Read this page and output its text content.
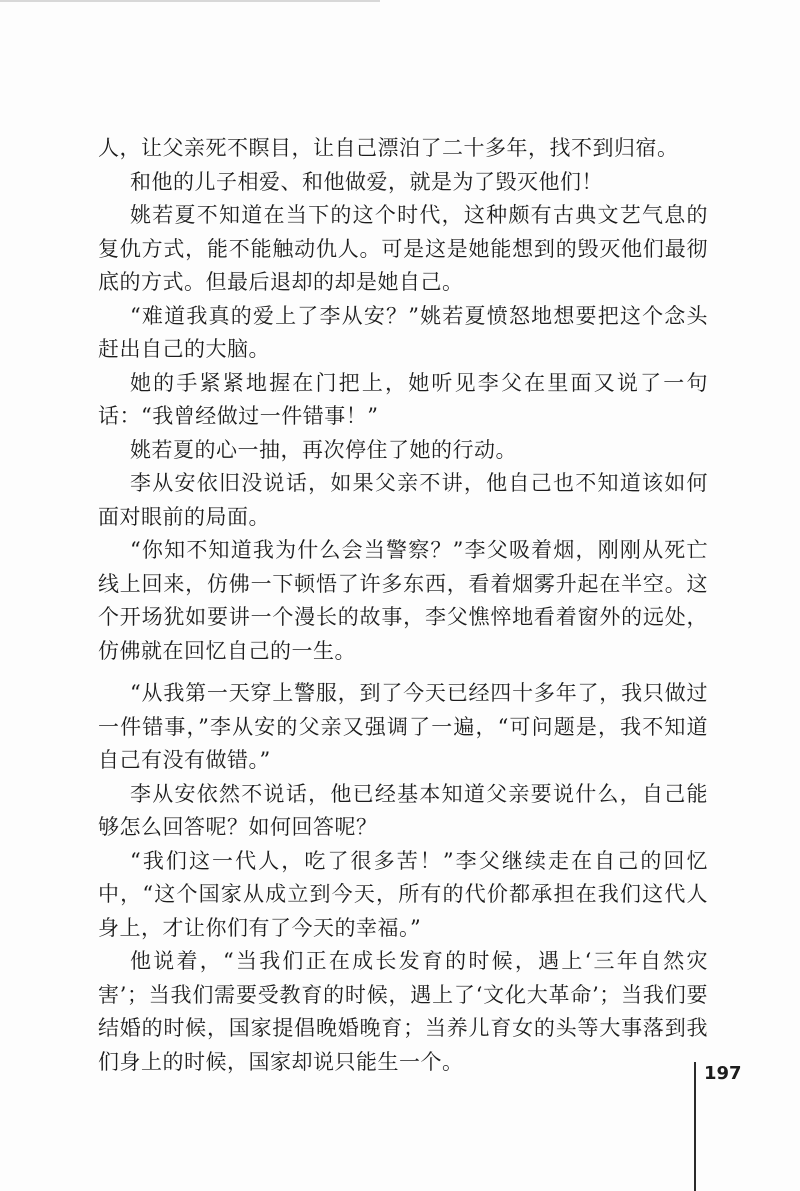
人，让父亲死不瞑目，让自己漂泊了二十多年，找不到归宿。

和他的儿子相爱、和他做爱，就是为了毁灭他们！

姚若夏不知道在当下的这个时代，这种颇有古典文艺气息的复仇方式，能不能触动仇人。可是这是她能想到的毁灭他们最彻底的方式。但最后退却的却是她自己。

“难道我真的爱上了李从安？”姚若夏愤怒地想要把这个念头赶出自己的大脑。

她的手紧紧地握在门把上，她听见李父在里面又说了一句话：“我曾经做过一件错事！”

姚若夏的心一抽，再次停住了她的行动。

李从安依旧没说话，如果父亲不讲，他自己也不知道该如何面对眼前的局面。

“你知不知道我为什么会当警察？”李父吸着烟，刚刚从死亡线上回来，仿佛一下顿悟了许多东西，看着烟雾升起在半空。这个开场犹如要讲一个漫长的故事，李父憔悴地看着窗外的远处，仿佛就在回忆自己的一生。

“从我第一天穿上警服，到了今天已经四十多年了，我只做过一件错事，”李从安的父亲又强调了一遍，“可问题是，我不知道自己有没有做错。”

李从安依然不说话，他已经基本知道父亲要说什么，自己能够怎么回答呢？如何回答呢？

“我们这一代人，吃了很多苦！”李父继续走在自己的回忆中，“这个国家从成立到今天，所有的代价都承担在我们这代人身上，才让你们有了今天的幸福。”

他说着，“当我们正在成长发育的时候，遇上‘三年自然灾害’；当我们需要受教育的时候，遇上了‘文化大革命’；当我们要结婚的时候，国家提倡晚婚晚育；当养儿育女的头等大事落到我们身上的时候，国家却说只能生一个。	197
